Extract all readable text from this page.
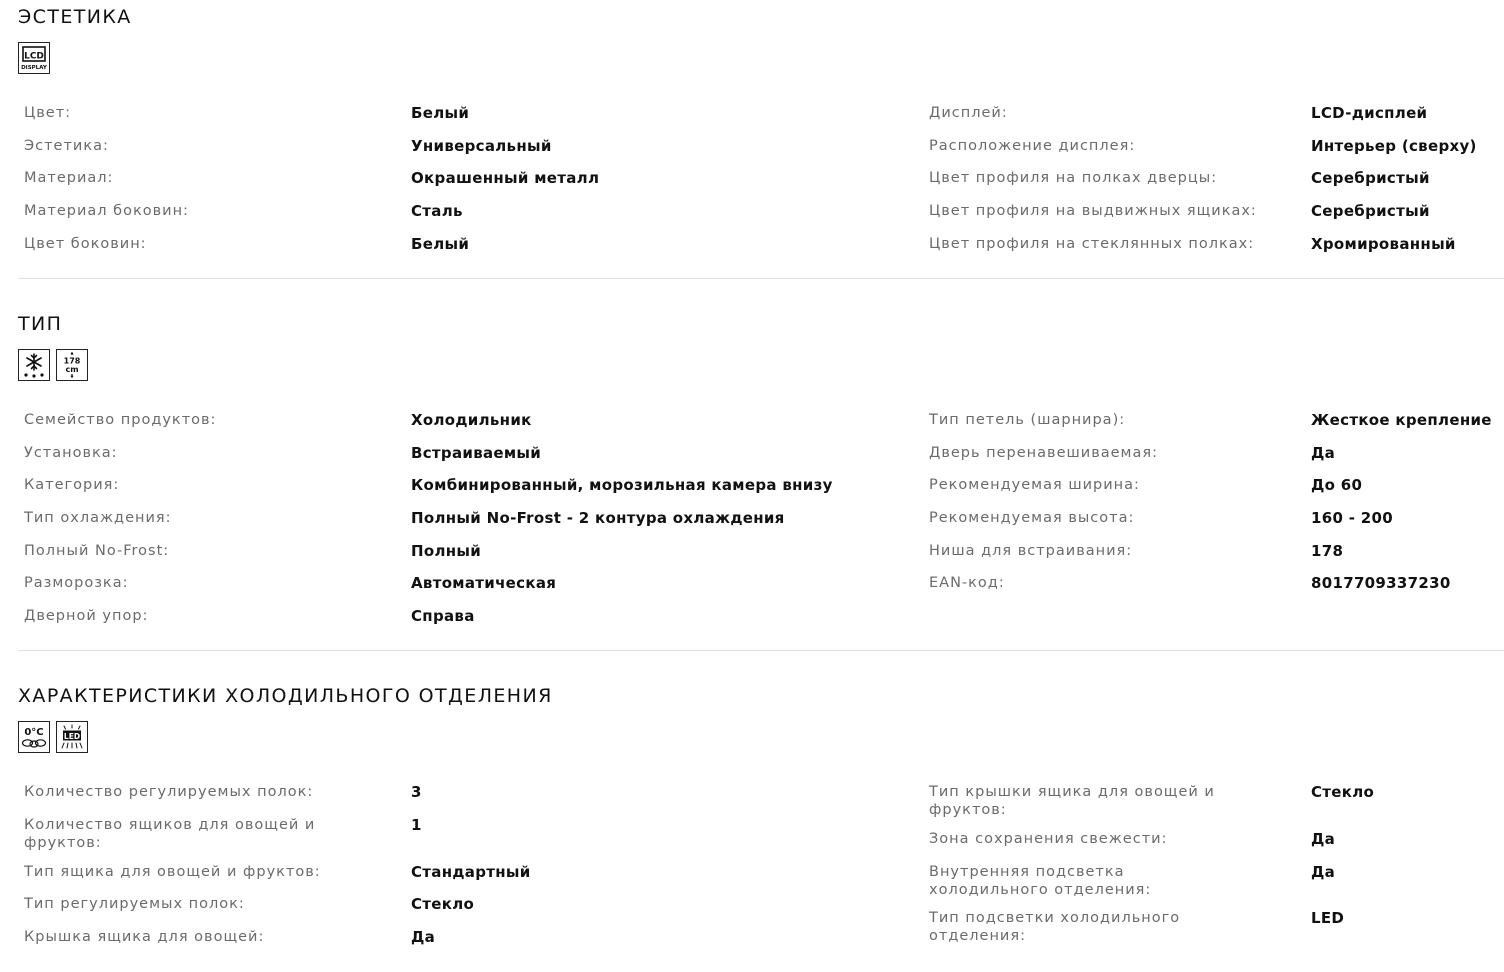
ЭСТЕТИКА
LCD
DISPLAY
Цвет:	Белый
Эстетика:	Универсальный
Материал:	Окрашенный металл
Материал боковин:	Сталь
Цвет боковин:	Белый
Дисплей:	LCD-дисплей
Расположение дисплея:	Интерьер (сверху)
Цвет профиля на полках дверцы:	Серебристый
Цвет профиля на выдвижных ящиках:	Серебристый
Цвет профиля на стеклянных полках:	Хромированный
ТИП
178
cm
Семейство продуктов:	Холодильник
Установка:	Встраиваемый
Категория:	Комбинированный, морозильная камера внизу
Тип охлаждения:	Полный No-Frost - 2 контура охлаждения
Полный No-Frost:	Полный
Разморозка:	Автоматическая
Дверной упор:	Справа
Тип петель (шарнира):	Жесткое крепление
Дверь перенавешиваемая:	Да
Рекомендуемая ширина:	До 60
Рекомендуемая высота:	160 - 200
Ниша для встраивания:	178
EAN-код:	8017709337230
ХАРАКТЕРИСТИКИ ХОЛОДИЛЬНОГО ОТДЕЛЕНИЯ
0°C	LED
Количество регулируемых полок:	3
Количество ящиков для овощей и фруктов:
1
Тип ящика для овощей и фруктов:	Стандартный
Тип регулируемых полок:	Стекло
Крышка ящика для овощей:	Да
Тип крышки ящика для овощей и фруктов:
Стекло
Зона сохранения свежести:	Да
Внутренняя подсветка холодильного отделения:
Да
Тип подсветки холодильного отделения:
LED
